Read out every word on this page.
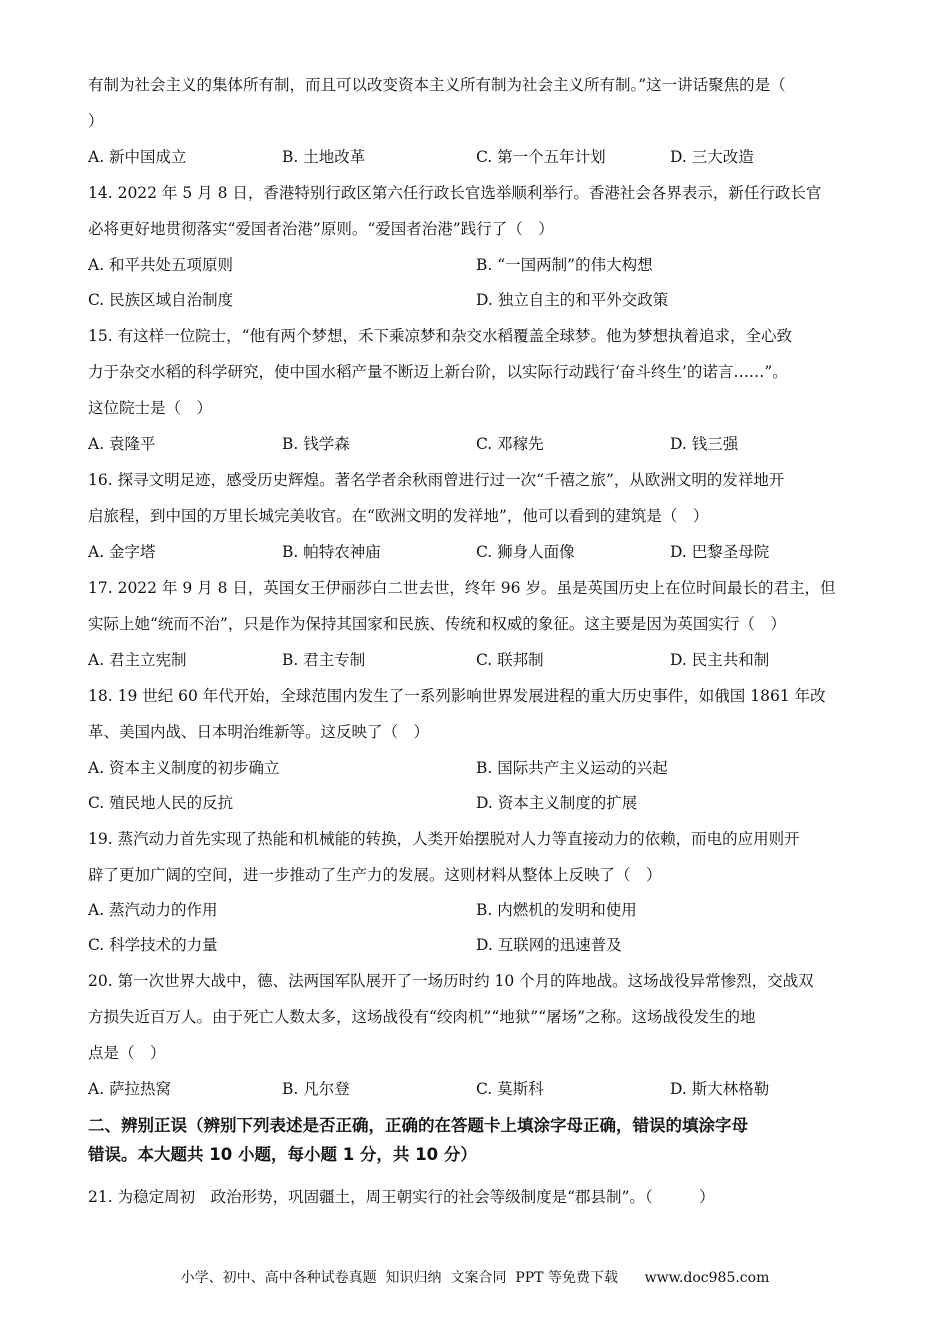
有制为社会主义的集体所有制，而且可以改变资本主义所有制为社会主义所有制。”这一讲话聚焦的是（
）
A. 新中国成立	B. 土地改革	C. 第一个五年计划	D. 三大改造
14. 2022 年 5 月 8 日，香港特别行政区第六任行政长官选举顺利举行。香港社会各界表示，新任行政长官
必将更好地贯彻落实“爱国者治港”原则。“爱国者治港”践行了（　）
A. 和平共处五项原则	B. “一国两制”的伟大构想
C. 民族区域自治制度	D. 独立自主的和平外交政策
15. 有这样一位院士，“他有两个梦想，禾下乘凉梦和杂交水稻覆盖全球梦。他为梦想执着追求，全心致
力于杂交水稻的科学研究，使中国水稻产量不断迈上新台阶，以实际行动践行‘奋斗终生’的诺言……”。
这位院士是（　）
A. 袁隆平	B. 钱学森	C. 邓稼先	D. 钱三强
16. 探寻文明足迹，感受历史辉煌。著名学者余秋雨曾进行过一次“千禧之旅”，从欧洲文明的发祥地开
启旅程，到中国的万里长城完美收官。在“欧洲文明的发祥地”，他可以看到的建筑是（　）
A. 金字塔	B. 帕特农神庙	C. 狮身人面像	D. 巴黎圣母院
17. 2022 年 9 月 8 日，英国女王伊丽莎白二世去世，终年 96 岁。虽是英国历史上在位时间最长的君主，但
实际上她“统而不治”，只是作为保持其国家和民族、传统和权威的象征。这主要是因为英国实行（　）
A. 君主立宪制	B. 君主专制	C. 联邦制	D. 民主共和制
18. 19 世纪 60 年代开始，全球范围内发生了一系列影响世界发展进程的重大历史事件，如俄国 1861 年改
革、美国内战、日本明治维新等。这反映了（　）
A. 资本主义制度的初步确立	B. 国际共产主义运动的兴起
C. 殖民地人民的反抗	D. 资本主义制度的扩展
19. 蒸汽动力首先实现了热能和机械能的转换，人类开始摆脱对人力等直接动力的依赖，而电的应用则开
辟了更加广阔的空间，进一步推动了生产力的发展。这则材料从整体上反映了（　）
A. 蒸汽动力的作用	B. 内燃机的发明和使用
C. 科学技术的力量	D. 互联网的迅速普及
20. 第一次世界大战中，德、法两国军队展开了一场历时约 10 个月的阵地战。这场战役异常惨烈，交战双
方损失近百万人。由于死亡人数太多，这场战役有“绞肉机”“地狱”“屠场”之称。这场战役发生的地
点是（　）
A. 萨拉热窝	B. 凡尔登	C. 莫斯科	D. 斯大林格勒
二、辨别正误（辨别下列表述是否正确，正确的在答题卡上填涂字母正确，错误的填涂字母
错误。本大题共 10 小题，每小题 1 分，共 10 分）
21. 为稳定周初　政治形势，巩固疆土，周王朝实行的社会等级制度是“郡县制”。（　　　）
小学、初中、高中各种试卷真题  知识归纳  文案合同  PPT 等免费下载      www.doc985.com
